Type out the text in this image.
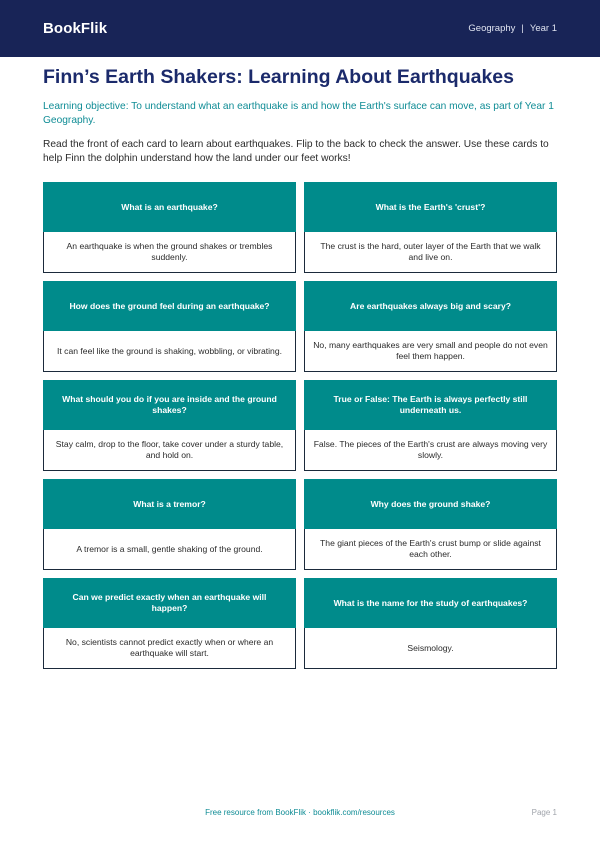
BookFlik	Geography | Year 1
Finn’s Earth Shakers: Learning About Earthquakes

Learning objective: To understand what an earthquake is and how the Earth's surface can move, as part of Year 1 Geography.

Read the front of each card to learn about earthquakes. Flip to the back to check the answer. Use these cards to help Finn the dolphin understand how the land under our feet works!

What is an earthquake?
An earthquake is when the ground shakes or trembles suddenly.
What is the Earth's 'crust'?
The crust is the hard, outer layer of the Earth that we walk and live on.
How does the ground feel during an earthquake?
It can feel like the ground is shaking, wobbling, or vibrating.
Are earthquakes always big and scary?
No, many earthquakes are very small and people do not even feel them happen.
What should you do if you are inside and the ground shakes?
Stay calm, drop to the floor, take cover under a sturdy table, and hold on.
True or False: The Earth is always perfectly still underneath us.
False. The pieces of the Earth's crust are always moving very slowly.
What is a tremor?
A tremor is a small, gentle shaking of the ground.
Why does the ground shake?
The giant pieces of the Earth's crust bump or slide against each other.
Can we predict exactly when an earthquake will happen?
No, scientists cannot predict exactly when or where an earthquake will start.
What is the name for the study of earthquakes?
Seismology.
Free resource from BookFlik · bookflik.com/resources	Page 1
